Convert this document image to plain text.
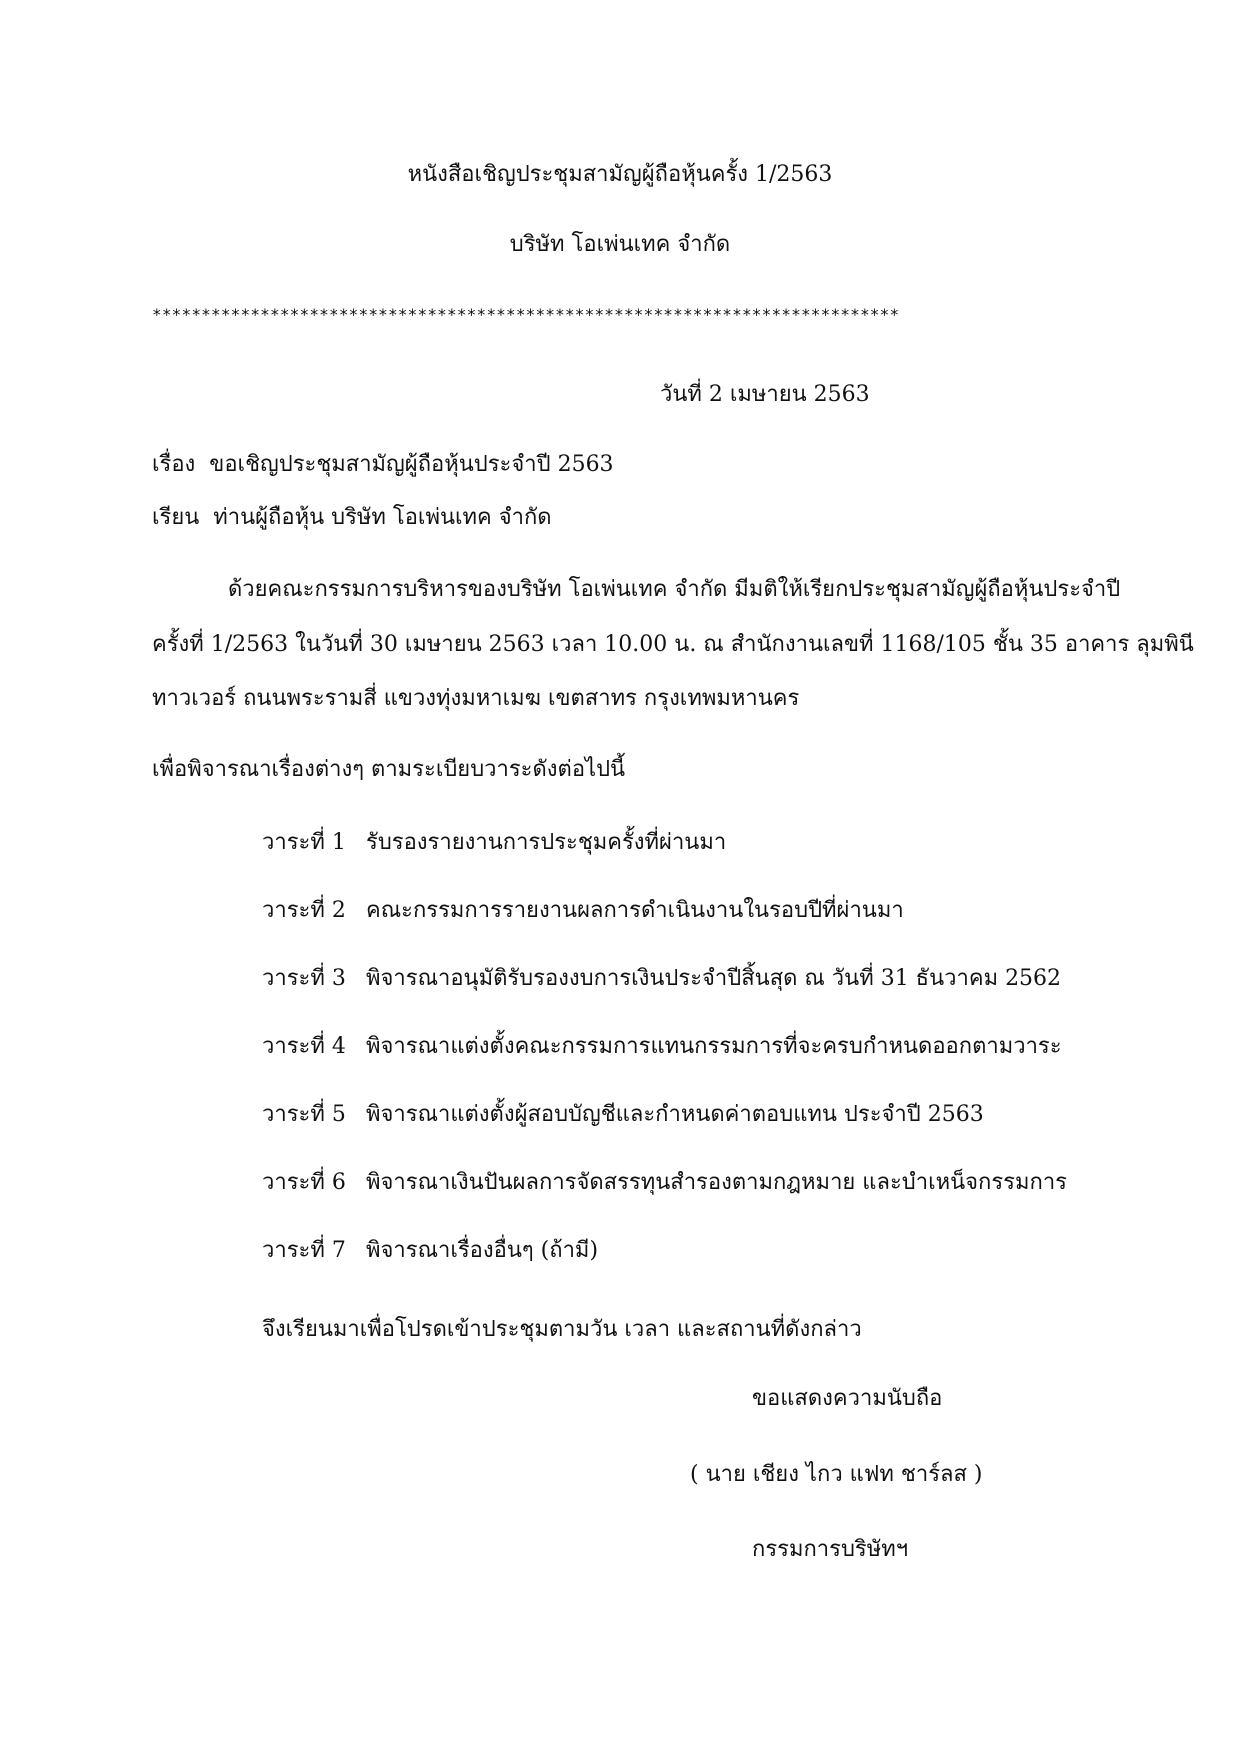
หนังสือเชิญประชุมสามัญผู้ถือหุ้นครั้ง 1/2563
บริษัท โอเพ่นเทค จำกัด
****************************************************************************
วันที่ 2 เมษายน 2563
เรื่อง ขอเชิญประชุมสามัญผู้ถือหุ้นประจำปี 2563
เรียน ท่านผู้ถือหุ้น บริษัท โอเพ่นเทค จำกัด
ด้วยคณะกรรมการบริหารของบริษัท โอเพ่นเทค จำกัด มีมติให้เรียกประชุมสามัญผู้ถือหุ้นประจำปี
ครั้งที่ 1/2563 ในวันที่ 30 เมษายน 2563 เวลา 10.00 น. ณ สำนักงานเลขที่ 1168/105 ชั้น 35 อาคาร ลุมพินี
ทาวเวอร์ ถนนพระรามสี่ แขวงทุ่งมหาเมฆ เขตสาทร กรุงเทพมหานคร
เพื่อพิจารณาเรื่องต่างๆ ตามระเบียบวาระดังต่อไปนี้
วาระที่ 1 รับรองรายงานการประชุมครั้งที่ผ่านมา
วาระที่ 2 คณะกรรมการรายงานผลการดำเนินงานในรอบปีที่ผ่านมา
วาระที่ 3 พิจารณาอนุมัติรับรองงบการเงินประจำปีสิ้นสุด ณ วันที่ 31 ธันวาคม 2562
วาระที่ 4 พิจารณาแต่งตั้งคณะกรรมการแทนกรรมการที่จะครบกำหนดออกตามวาระ
วาระที่ 5 พิจารณาแต่งตั้งผู้สอบบัญชีและกำหนดค่าตอบแทน ประจำปี 2563
วาระที่ 6 พิจารณาเงินปันผลการจัดสรรทุนสำรองตามกฎหมาย และบำเหน็จกรรมการ
วาระที่ 7 พิจารณาเรื่องอื่นๆ (ถ้ามี)
จึงเรียนมาเพื่อโปรดเข้าประชุมตามวัน เวลา และสถานที่ดังกล่าว
ขอแสดงความนับถือ
( นาย เชียง ไกว แฟท ชาร์ลส )
กรรมการบริษัทฯ
